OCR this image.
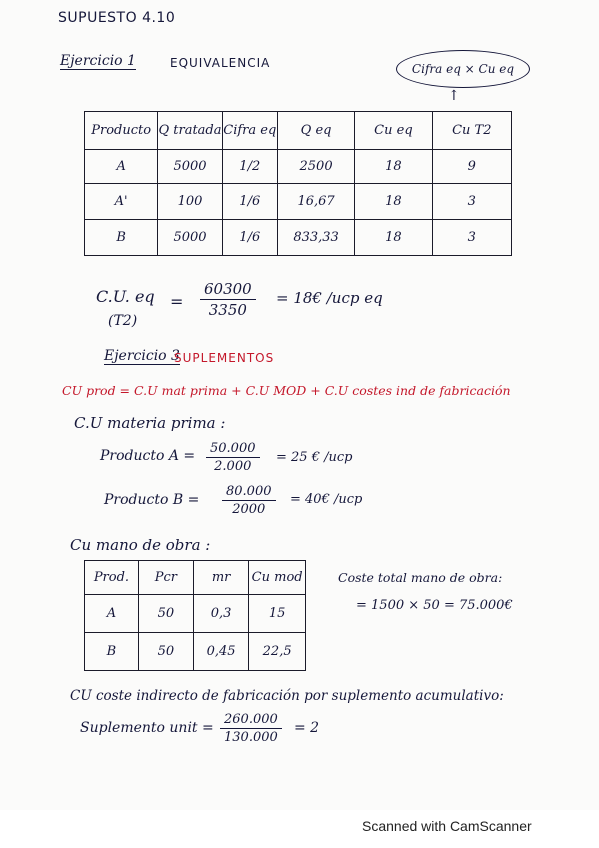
SUPUESTO 4.10
Ejercicio 1	EQUIVALENCIA	Cifra eq × Cu eq
↑
Producto	Q tratada	Cifra eq	Q eq	Cu eq	Cu T2
A	5000	1/2	2500	18	9
A'	100	1/6	16,67	18	3
B	5000	1/6	833,33	18	3
C.U. eq
(T2)
= $\frac{60300}{3350}$ = 18€ /ucp eq
Ejercicio 3
SUPLEMENTOS
CU prod = C.U mat prima + C.U MOD + C.U costes ind de fabricación
C.U materia prima :
Producto $A = \frac{50.000}{2.000} = 25$ € /ucp
Producto $B = \frac{80.000}{2000}$ = 40€ /ucp
Cu mano de obra :
Prod.	Pcr	mr	Cu mod
A	50	0,3	15
B	50	0,45	22,5
Coste total mano de obra:
= 1500 × 50 = 75.000€
CU coste indirecto de fabricación por suplemento acumulativo:
Suplemento unit = $\frac{260.000}{130.000} = 2$
Scanned with CamScanner
